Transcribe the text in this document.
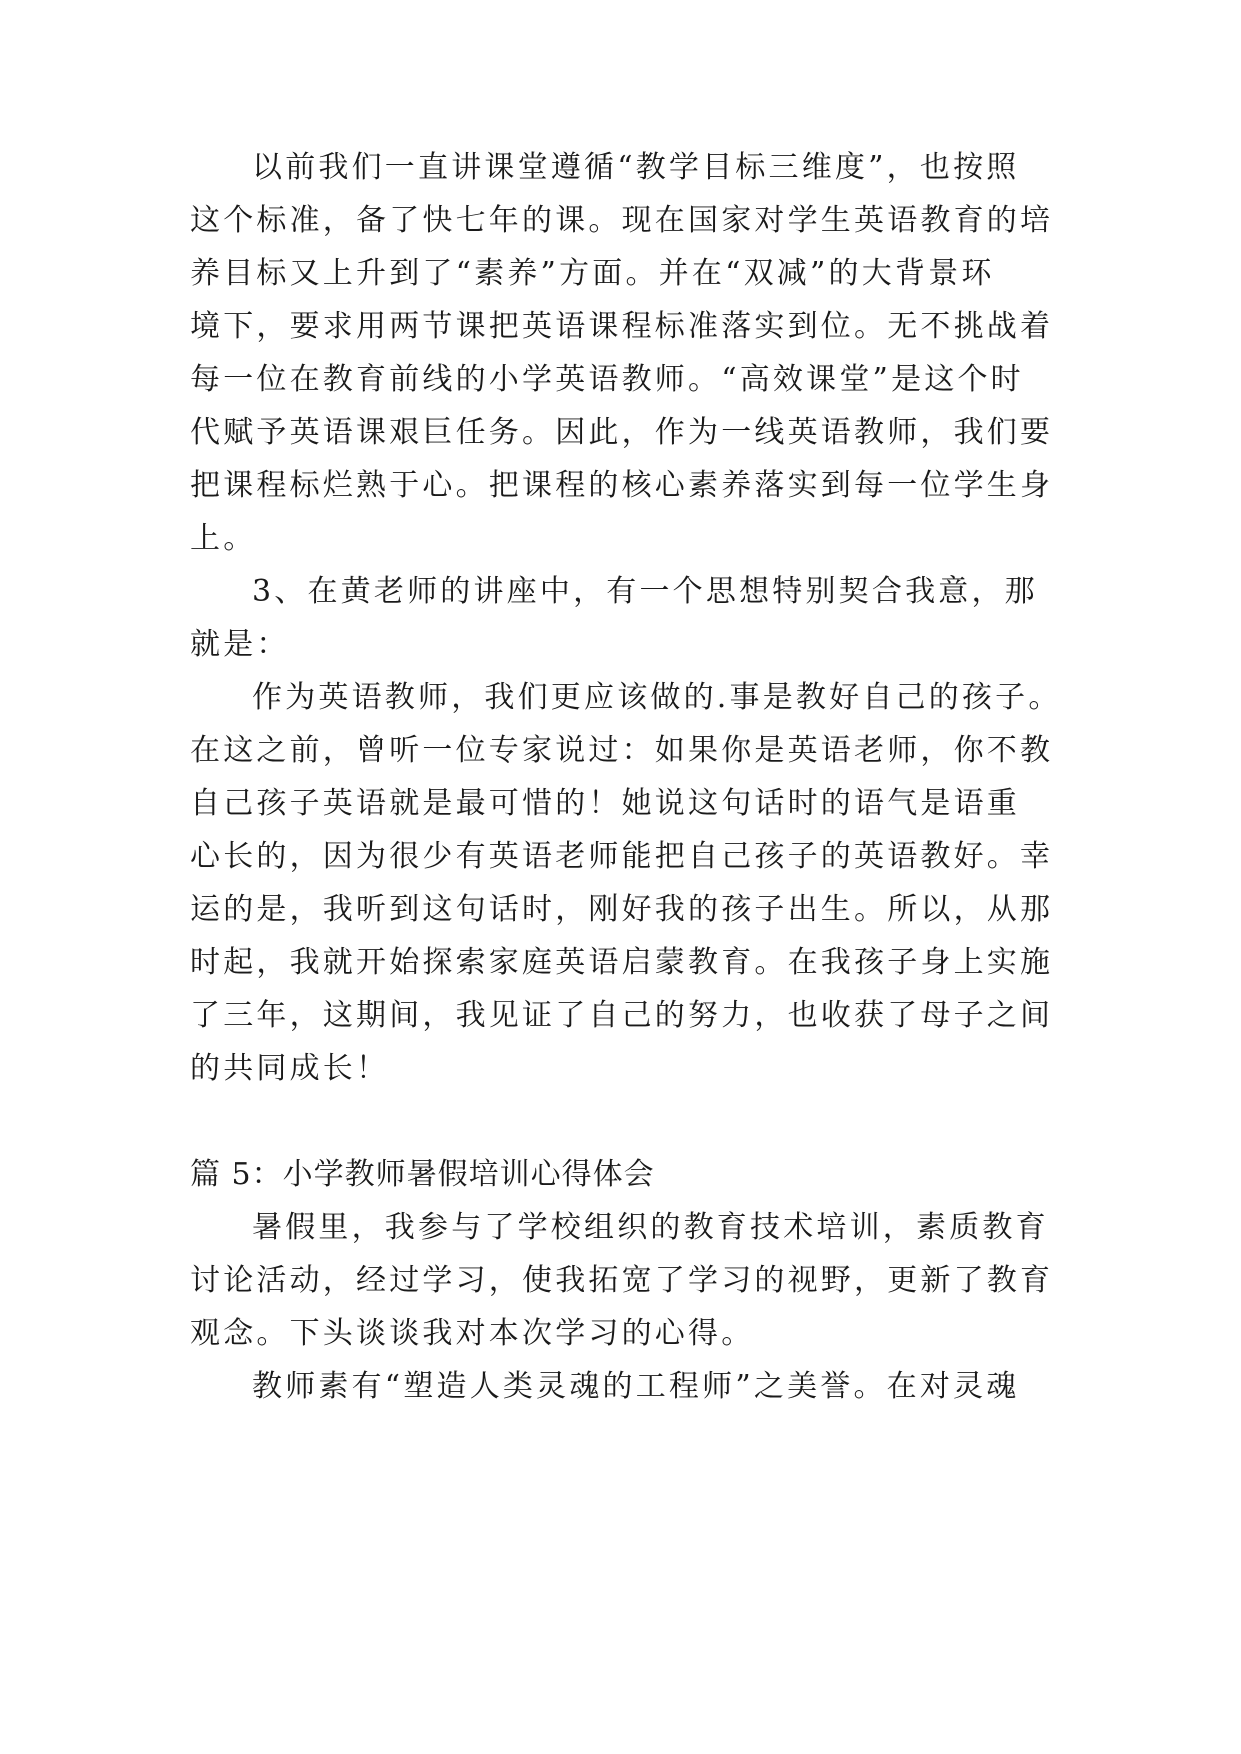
以前我们一直讲课堂遵循“教学目标三维度”，也按照
这个标准，备了快七年的课。现在国家对学生英语教育的培
养目标又上升到了“素养”方面。并在“双减”的大背景环
境下，要求用两节课把英语课程标准落实到位。无不挑战着
每一位在教育前线的小学英语教师。“高效课堂”是这个时
代赋予英语课艰巨任务。因此，作为一线英语教师，我们要
把课程标烂熟于心。把课程的核心素养落实到每一位学生身
上。
3、在黄老师的讲座中，有一个思想特别契合我意，那
就是：
作为英语教师，我们更应该做的.事是教好自己的孩子。
在这之前，曾听一位专家说过：如果你是英语老师，你不教
自己孩子英语就是最可惜的！她说这句话时的语气是语重
心长的，因为很少有英语老师能把自己孩子的英语教好。幸
运的是，我听到这句话时，刚好我的孩子出生。所以，从那
时起，我就开始探索家庭英语启蒙教育。在我孩子身上实施
了三年，这期间，我见证了自己的努力，也收获了母子之间
的共同成长！
篇 5：小学教师暑假培训心得体会
暑假里，我参与了学校组织的教育技术培训，素质教育
讨论活动，经过学习，使我拓宽了学习的视野，更新了教育
观念。下头谈谈我对本次学习的心得。
教师素有“塑造人类灵魂的工程师”之美誉。在对灵魂
